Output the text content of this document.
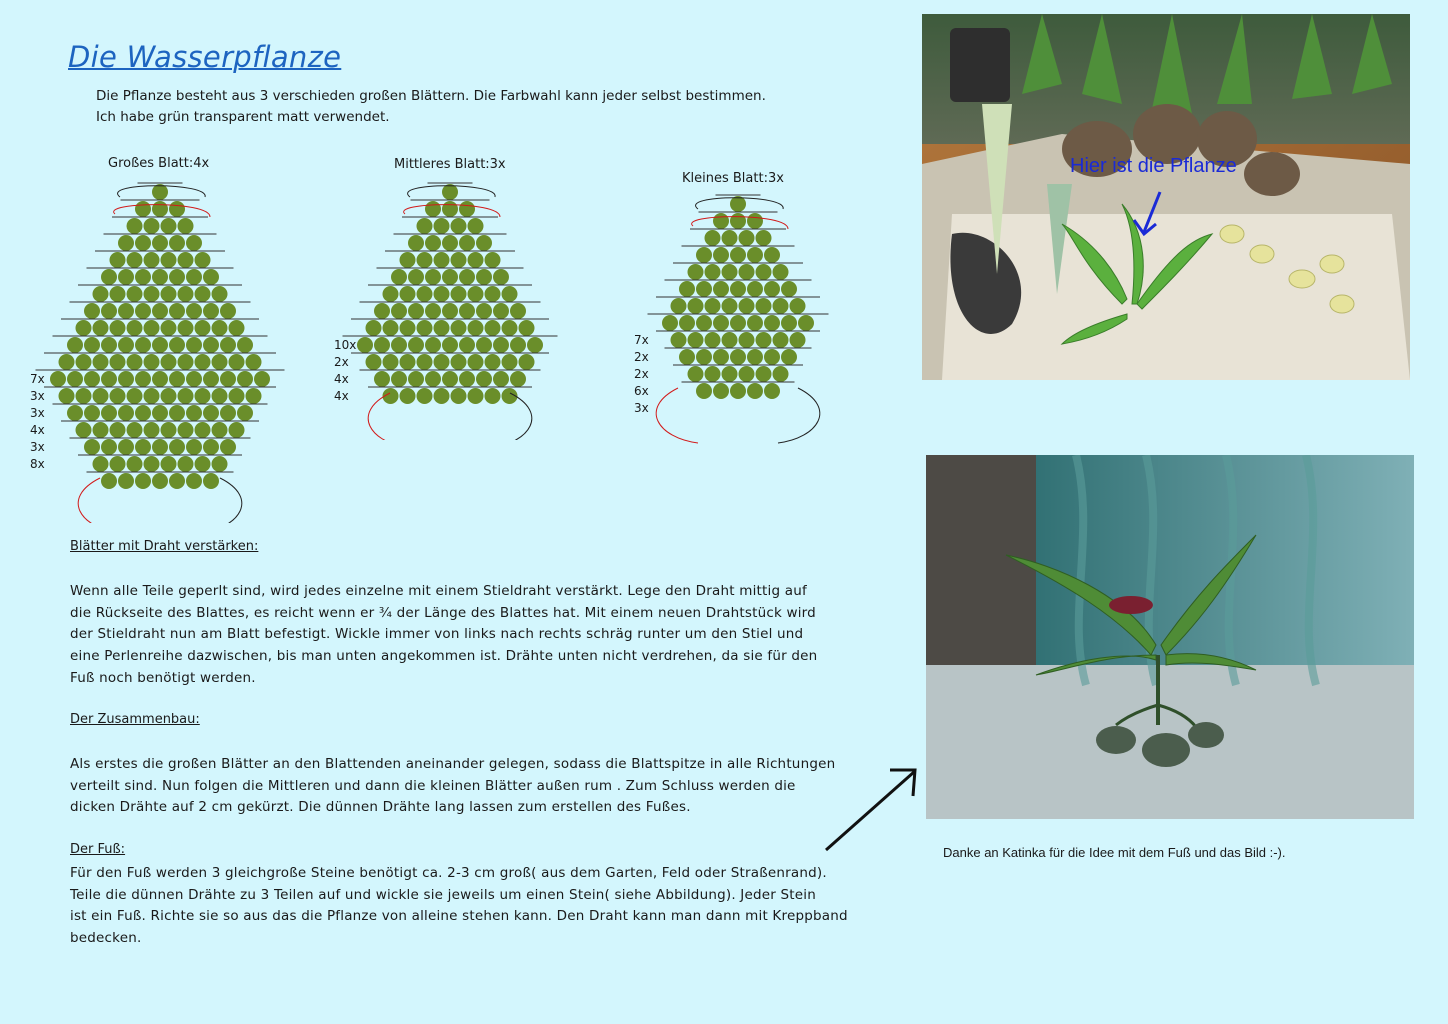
Die Wasserpflanze
Die Pflanze besteht aus 3 verschieden großen Blättern. Die Farbwahl kann jeder selbst bestimmen.
Ich habe grün transparent matt verwendet.
Großes Blatt:4x	Mittleres Blatt:3x
Kleines Blatt:3x
7x
3x
3x
4x
3x
8x
10x
2x
4x
4x
7x
2x
2x
6x
3x
Blätter mit Draht verstärken:
Wenn alle Teile geperlt sind, wird jedes einzelne mit einem Stieldraht verstärkt. Lege den Draht mittig auf
die Rückseite des Blattes, es reicht wenn er ¾ der Länge des Blattes hat. Mit einem neuen Drahtstück wird
der Stieldraht nun am Blatt befestigt. Wickle immer von links nach rechts schräg runter um den Stiel und
eine Perlenreihe dazwischen, bis man unten angekommen ist. Drähte unten nicht verdrehen, da sie für den
Fuß noch benötigt werden.
Der Zusammenbau:
Als erstes die großen Blätter an den Blattenden aneinander gelegen, sodass die Blattspitze in alle Richtungen
verteilt sind. Nun folgen die Mittleren und dann die kleinen Blätter außen rum . Zum Schluss werden die
dicken Drähte auf 2 cm gekürzt. Die dünnen Drähte lang lassen zum erstellen des Fußes.
Der Fuß:
Für den Fuß werden 3 gleichgroße Steine benötigt ca. 2-3 cm groß( aus dem Garten, Feld oder Straßenrand).
Teile die dünnen Drähte zu 3 Teilen auf und wickle sie jeweils um einen Stein( siehe Abbildung). Jeder Stein
ist ein Fuß. Richte sie so aus das die Pflanze von alleine stehen kann. Den Draht kann man dann mit Kreppband
bedecken.
Hier ist die Pflanze
Danke an Katinka für die Idee mit dem Fuß und das Bild :-).
